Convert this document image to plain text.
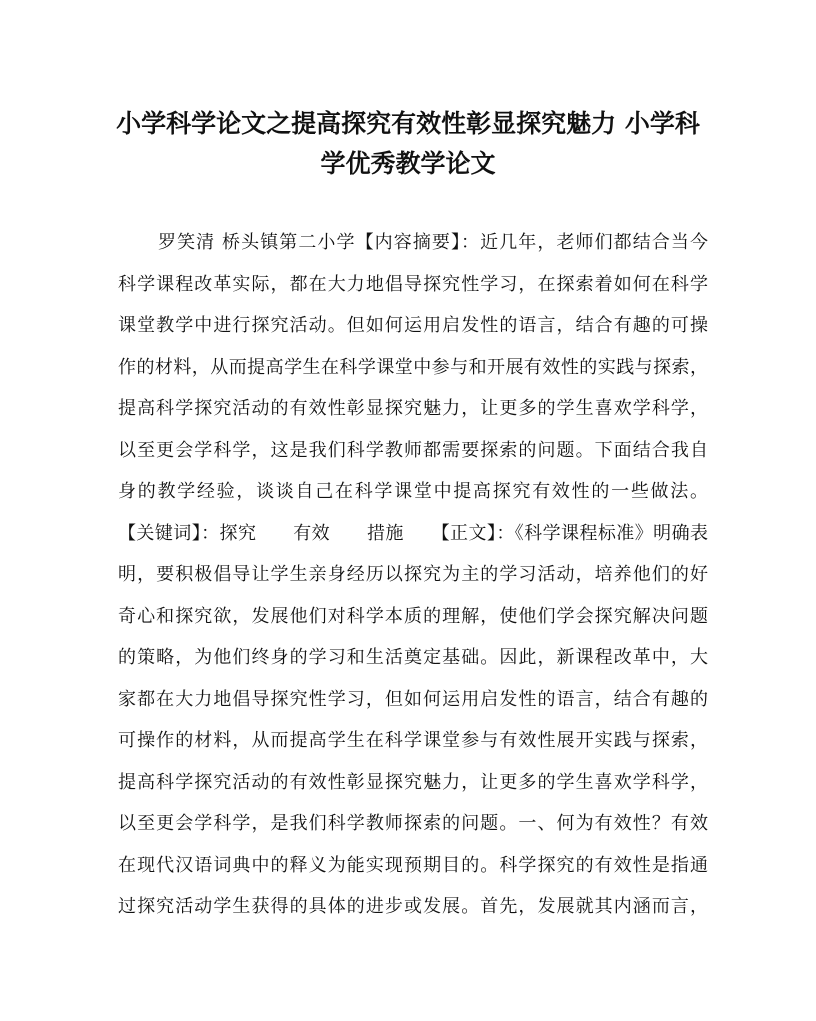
小学科学论文之提高探究有效性彰显探究魅力 小学科
学优秀教学论文
罗笑清 桥头镇第二小学【内容摘要】：近几年，老师们都结合当今
科学课程改革实际，都在大力地倡导探究性学习，在探索着如何在科学
课堂教学中进行探究活动。但如何运用启发性的语言，结合有趣的可操
作的材料，从而提高学生在科学课堂中参与和开展有效性的实践与探索，
提高科学探究活动的有效性彰显探究魅力，让更多的学生喜欢学科学，
以至更会学科学，这是我们科学教师都需要探索的问题。下面结合我自
身的教学经验，谈谈自己在科学课堂中提高探究有效性的一些做法。
【关键词】：探究　　有效　　措施　　【正文】：《科学课程标准》明确表
明，要积极倡导让学生亲身经历以探究为主的学习活动，培养他们的好
奇心和探究欲，发展他们对科学本质的理解，使他们学会探究解决问题
的策略，为他们终身的学习和生活奠定基础。因此，新课程改革中，大
家都在大力地倡导探究性学习，但如何运用启发性的语言，结合有趣的
可操作的材料，从而提高学生在科学课堂参与有效性展开实践与探索，
提高科学探究活动的有效性彰显探究魅力，让更多的学生喜欢学科学，
以至更会学科学，是我们科学教师探索的问题。一、何为有效性？有效
在现代汉语词典中的释义为能实现预期目的。科学探究的有效性是指通
过探究活动学生获得的具体的进步或发展。首先，发展就其内涵而言，
